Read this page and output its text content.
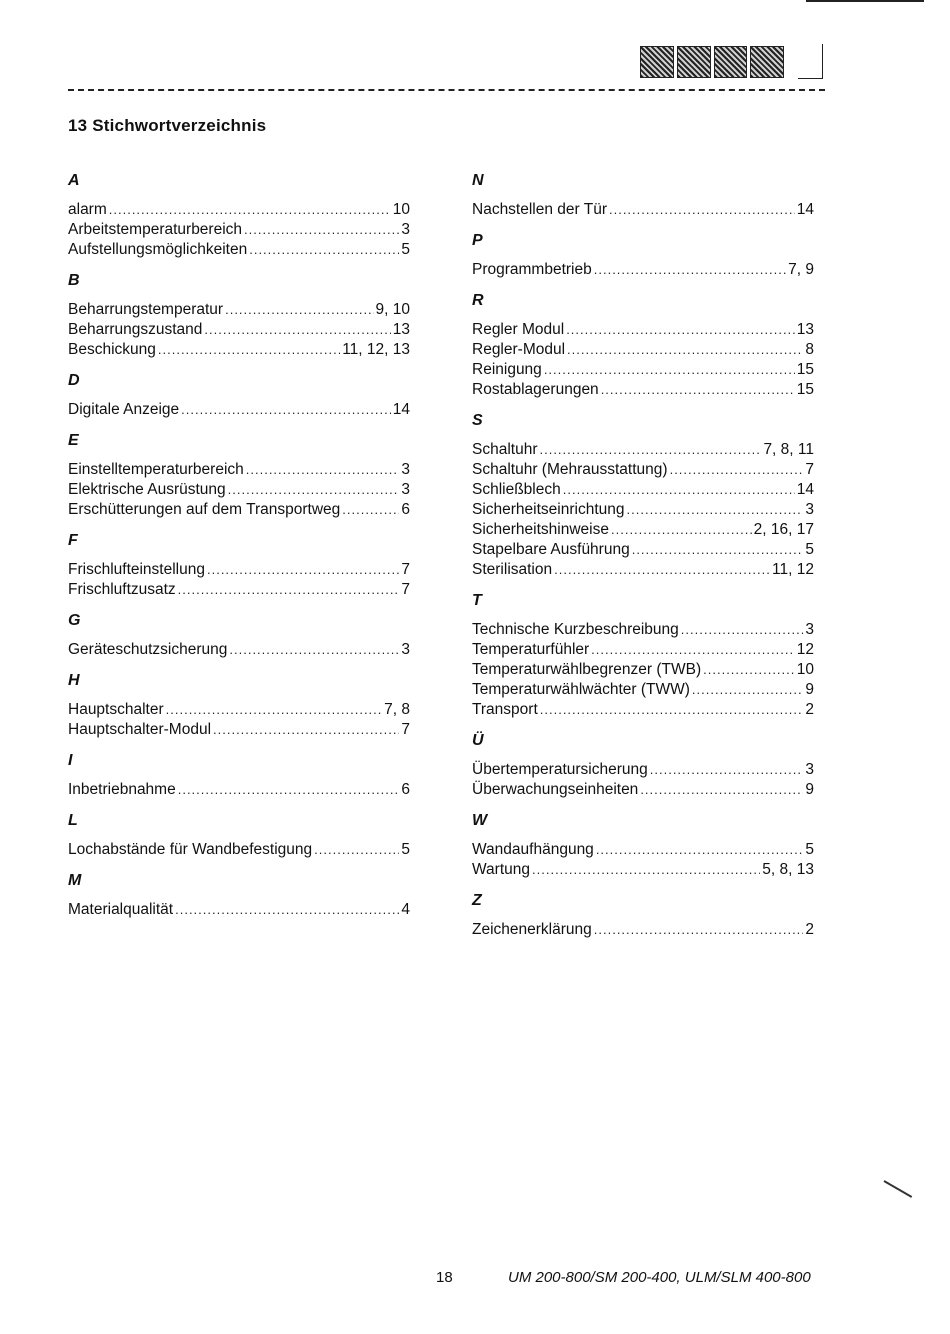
13 Stichwortverzeichnis
A
alarm .....	10
Arbeitstemperaturbereich .....	3
Aufstellungsmöglichkeiten .....	5
B
Beharrungstemperatur .....	9, 10
Beharrungszustand .....	13
Beschickung .....	11, 12, 13
D
Digitale Anzeige .....	14
E
Einstelltemperaturbereich .....	3
Elektrische Ausrüstung .....	3
Erschütterungen auf dem Transportweg .....	6
F
Frischlufteinstellung .....	7
Frischluftzusatz .....	7
G
Geräteschutzsicherung .....	3
H
Hauptschalter .....	7, 8
Hauptschalter-Modul .....	7
I
Inbetriebnahme .....	6
L
Lochabstände für Wandbefestigung .....	5
M
Materialqualität .....	4
N
Nachstellen der Tür .....	14
P
Programmbetrieb .....	7, 9
R
Regler Modul .....	13
Regler-Modul .....	8
Reinigung .....	15
Rostablagerungen .....	15
S
Schaltuhr .....	7, 8, 11
Schaltuhr (Mehrausstattung) .....	7
Schließblech .....	14
Sicherheitseinrichtung .....	3
Sicherheitshinweise .....	2, 16, 17
Stapelbare Ausführung .....	5
Sterilisation .....	11, 12
T
Technische Kurzbeschreibung .....	3
Temperaturfühler .....	12
Temperaturwählbegrenzer (TWB) .....	10
Temperaturwählwächter (TWW) .....	9
Transport .....	2
Ü
Übertemperatursicherung .....	3
Überwachungseinheiten .....	9
W
Wandaufhängung .....	5
Wartung .....	5, 8, 13
Z
Zeichenerklärung .....	2
18	UM 200-800/SM 200-400, ULM/SLM 400-800
